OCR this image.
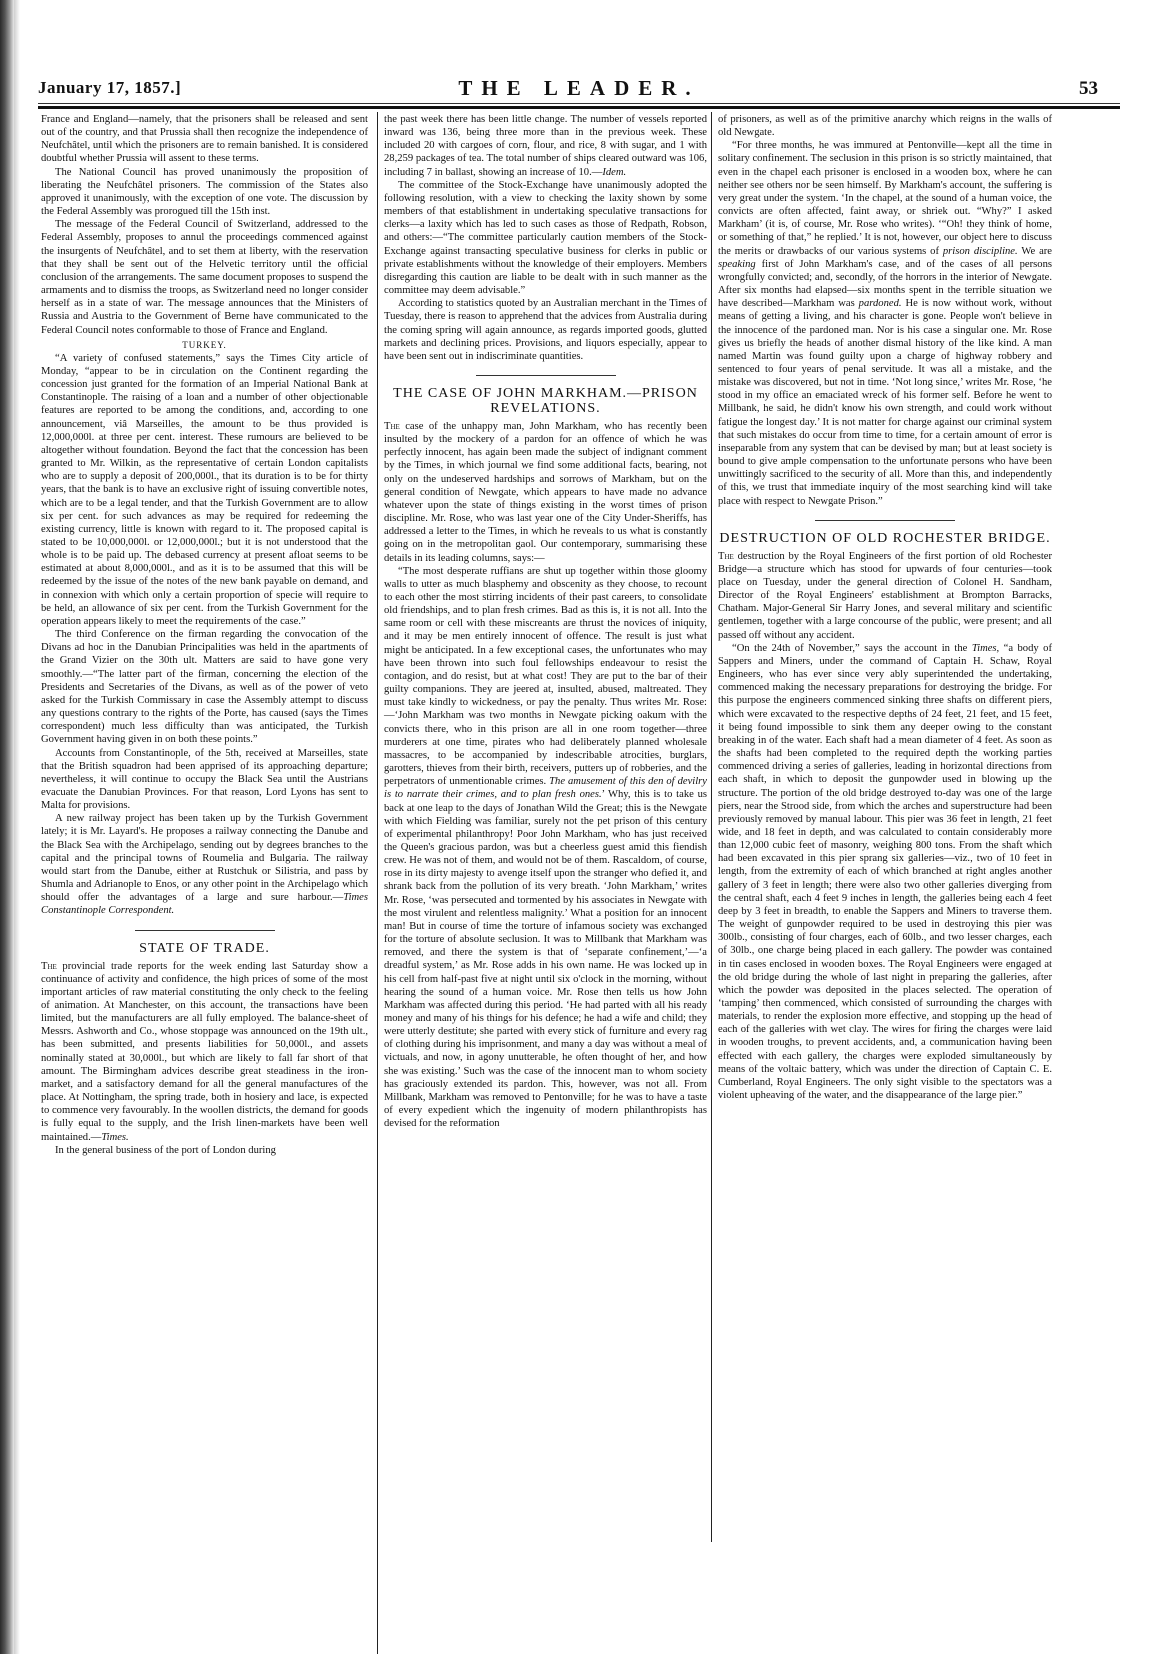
January 17, 1857.]	THE LEADER.	53

France and England—namely, that the prisoners shall be released and sent out of the country, and that Prussia shall then recognize the independence of Neufchâtel, until which the prisoners are to remain banished. It is considered doubtful whether Prussia will assent to these terms.

The National Council has proved unanimously the proposition of liberating the Neufchâtel prisoners. The commission of the States also approved it unanimously, with the exception of one vote. The discussion by the Federal Assembly was prorogued till the 15th inst.

The message of the Federal Council of Switzerland, addressed to the Federal Assembly, proposes to annul the proceedings commenced against the insurgents of Neufchâtel, and to set them at liberty, with the reservation that they shall be sent out of the Helvetic territory until the official conclusion of the arrangements. The same document proposes to suspend the armaments and to dismiss the troops, as Switzerland need no longer consider herself as in a state of war. The message announces that the Ministers of Russia and Austria to the Government of Berne have communicated to the Federal Council notes conformable to those of France and England.

TURKEY.

“A variety of confused statements,” says the Times City article of Monday, “appear to be in circulation on the Continent regarding the concession just granted for the formation of an Imperial National Bank at Constantinople. The raising of a loan and a number of other objectionable features are reported to be among the conditions, and, according to one announcement, viâ Marseilles, the amount to be thus provided is 12,000,000l. at three per cent. interest. These rumours are believed to be altogether without foundation. Beyond the fact that the concession has been granted to Mr. Wilkin, as the representative of certain London capitalists who are to supply a deposit of 200,000l., that its duration is to be for thirty years, that the bank is to have an exclusive right of issuing convertible notes, which are to be a legal tender, and that the Turkish Government are to allow six per cent. for such advances as may be required for redeeming the existing currency, little is known with regard to it. The proposed capital is stated to be 10,000,000l. or 12,000,000l.; but it is not understood that the whole is to be paid up. The debased currency at present afloat seems to be estimated at about 8,000,000l., and as it is to be assumed that this will be redeemed by the issue of the notes of the new bank payable on demand, and in connexion with which only a certain proportion of specie will require to be held, an allowance of six per cent. from the Turkish Government for the operation appears likely to meet the requirements of the case.”

The third Conference on the firman regarding the convocation of the Divans ad hoc in the Danubian Principalities was held in the apartments of the Grand Vizier on the 30th ult. Matters are said to have gone very smoothly.—“The latter part of the firman, concerning the election of the Presidents and Secretaries of the Divans, as well as of the power of veto asked for the Turkish Commissary in case the Assembly attempt to discuss any questions contrary to the rights of the Porte, has caused (says the Times correspondent) much less difficulty than was anticipated, the Turkish Government having given in on both these points.”

Accounts from Constantinople, of the 5th, received at Marseilles, state that the British squadron had been apprised of its approaching departure; nevertheless, it will continue to occupy the Black Sea until the Austrians evacuate the Danubian Provinces. For that reason, Lord Lyons has sent to Malta for provisions.

A new railway project has been taken up by the Turkish Government lately; it is Mr. Layard's. He proposes a railway connecting the Danube and the Black Sea with the Archipelago, sending out by degrees branches to the capital and the principal towns of Roumelia and Bulgaria. The railway would start from the Danube, either at Rustchuk or Silistria, and pass by Shumla and Adrianople to Enos, or any other point in the Archipelago which should offer the advantages of a large and sure harbour.—Times Constantinople Correspondent.

STATE OF TRADE.

The provincial trade reports for the week ending last Saturday show a continuance of activity and confidence, the high prices of some of the most important articles of raw material constituting the only check to the feeling of animation. At Manchester, on this account, the transactions have been limited, but the manufacturers are all fully employed. The balance-sheet of Messrs. Ashworth and Co., whose stoppage was announced on the 19th ult., has been submitted, and presents liabilities for 50,000l., and assets nominally stated at 30,000l., but which are likely to fall far short of that amount. The Birmingham advices describe great steadiness in the iron-market, and a satisfactory demand for all the general manufactures of the place. At Nottingham, the spring trade, both in hosiery and lace, is expected to commence very favourably. In the woollen districts, the demand for goods is fully equal to the supply, and the Irish linen-markets have been well maintained.—Times.

In the general business of the port of London during

the past week there has been little change. The number of vessels reported inward was 136, being three more than in the previous week. These included 20 with cargoes of corn, flour, and rice, 8 with sugar, and 1 with 28,259 packages of tea. The total number of ships cleared outward was 106, including 7 in ballast, showing an increase of 10.—Idem.

The committee of the Stock-Exchange have unanimously adopted the following resolution, with a view to checking the laxity shown by some members of that establishment in undertaking speculative transactions for clerks—a laxity which has led to such cases as those of Redpath, Robson, and others:—“The committee particularly caution members of the Stock-Exchange against transacting speculative business for clerks in public or private establishments without the knowledge of their employers. Members disregarding this caution are liable to be dealt with in such manner as the committee may deem advisable.”

According to statistics quoted by an Australian merchant in the Times of Tuesday, there is reason to apprehend that the advices from Australia during the coming spring will again announce, as regards imported goods, glutted markets and declining prices. Provisions, and liquors especially, appear to have been sent out in indiscriminate quantities.

THE CASE OF JOHN MARKHAM.—PRISON REVELATIONS.

The case of the unhappy man, John Markham, who has recently been insulted by the mockery of a pardon for an offence of which he was perfectly innocent, has again been made the subject of indignant comment by the Times, in which journal we find some additional facts, bearing, not only on the undeserved hardships and sorrows of Markham, but on the general condition of Newgate, which appears to have made no advance whatever upon the state of things existing in the worst times of prison discipline. Mr. Rose, who was last year one of the City Under-Sheriffs, has addressed a letter to the Times, in which he reveals to us what is constantly going on in the metropolitan gaol. Our contemporary, summarising these details in its leading columns, says:—

“The most desperate ruffians are shut up together within those gloomy walls to utter as much blasphemy and obscenity as they choose, to recount to each other the most stirring incidents of their past careers, to consolidate old friendships, and to plan fresh crimes. Bad as this is, it is not all. Into the same room or cell with these miscreants are thrust the novices of iniquity, and it may be men entirely innocent of offence. The result is just what might be anticipated. In a few exceptional cases, the unfortunates who may have been thrown into such foul fellowships endeavour to resist the contagion, and do resist, but at what cost! They are put to the bar of their guilty companions. They are jeered at, insulted, abused, maltreated. They must take kindly to wickedness, or pay the penalty. Thus writes Mr. Rose:—‘John Markham was two months in Newgate picking oakum with the convicts there, who in this prison are all in one room together—three murderers at one time, pirates who had deliberately planned wholesale massacres, to be accompanied by indescribable atrocities, burglars, garotters, thieves from their birth, receivers, putters up of robberies, and the perpetrators of unmentionable crimes. The amusement of this den of devilry is to narrate their crimes, and to plan fresh ones.’ Why, this is to take us back at one leap to the days of Jonathan Wild the Great; this is the Newgate with which Fielding was familiar, surely not the pet prison of this century of experimental philanthropy! Poor John Markham, who has just received the Queen's gracious pardon, was but a cheerless guest amid this fiendish crew. He was not of them, and would not be of them. Rascaldom, of course, rose in its dirty majesty to avenge itself upon the stranger who defied it, and shrank back from the pollution of its very breath. ‘John Markham,’ writes Mr. Rose, ‘was persecuted and tormented by his associates in Newgate with the most virulent and relentless malignity.’ What a position for an innocent man! But in course of time the torture of infamous society was exchanged for the torture of absolute seclusion. It was to Millbank that Markham was removed, and there the system is that of ‘separate confinement,’—‘a dreadful system,’ as Mr. Rose adds in his own name. He was locked up in his cell from half-past five at night until six o'clock in the morning, without hearing the sound of a human voice. Mr. Rose then tells us how John Markham was affected during this period. ‘He had parted with all his ready money and many of his things for his defence; he had a wife and child; they were utterly destitute; she parted with every stick of furniture and every rag of clothing during his imprisonment, and many a day was without a meal of victuals, and now, in agony unutterable, he often thought of her, and how she was existing.’ Such was the case of the innocent man to whom society has graciously extended its pardon. This, however, was not all. From Millbank, Markham was removed to Pentonville; for he was to have a taste of every expedient which the ingenuity of modern philanthropists has devised for the reformation

of prisoners, as well as of the primitive anarchy which reigns in the walls of old Newgate.

“For three months, he was immured at Pentonville—kept all the time in solitary confinement. The seclusion in this prison is so strictly maintained, that even in the chapel each prisoner is enclosed in a wooden box, where he can neither see others nor be seen himself. By Markham's account, the suffering is very great under the system. ‘In the chapel, at the sound of a human voice, the convicts are often affected, faint away, or shriek out. “Why?” I asked Markham’ (it is, of course, Mr. Rose who writes). ‘“Oh! they think of home, or something of that,” he replied.’ It is not, however, our object here to discuss the merits or drawbacks of our various systems of prison discipline. We are speaking first of John Markham's case, and of the cases of all persons wrongfully convicted; and, secondly, of the horrors in the interior of Newgate. After six months had elapsed—six months spent in the terrible situation we have described—Markham was pardoned. He is now without work, without means of getting a living, and his character is gone. People won't believe in the innocence of the pardoned man. Nor is his case a singular one. Mr. Rose gives us briefly the heads of another dismal history of the like kind. A man named Martin was found guilty upon a charge of highway robbery and sentenced to four years of penal servitude. It was all a mistake, and the mistake was discovered, but not in time. ‘Not long since,’ writes Mr. Rose, ‘he stood in my office an emaciated wreck of his former self. Before he went to Millbank, he said, he didn't know his own strength, and could work without fatigue the longest day.’ It is not matter for charge against our criminal system that such mistakes do occur from time to time, for a certain amount of error is inseparable from any system that can be devised by man; but at least society is bound to give ample compensation to the unfortunate persons who have been unwittingly sacrificed to the security of all. More than this, and independently of this, we trust that immediate inquiry of the most searching kind will take place with respect to Newgate Prison.”

DESTRUCTION OF OLD ROCHESTER BRIDGE.

The destruction by the Royal Engineers of the first portion of old Rochester Bridge—a structure which has stood for upwards of four centuries—took place on Tuesday, under the general direction of Colonel H. Sandham, Director of the Royal Engineers' establishment at Brompton Barracks, Chatham. Major-General Sir Harry Jones, and several military and scientific gentlemen, together with a large concourse of the public, were present; and all passed off without any accident.

“On the 24th of November,” says the account in the Times, “a body of Sappers and Miners, under the command of Captain H. Schaw, Royal Engineers, who has ever since very ably superintended the undertaking, commenced making the necessary preparations for destroying the bridge. For this purpose the engineers commenced sinking three shafts on different piers, which were excavated to the respective depths of 24 feet, 21 feet, and 15 feet, it being found impossible to sink them any deeper owing to the constant breaking in of the water. Each shaft had a mean diameter of 4 feet. As soon as the shafts had been completed to the required depth the working parties commenced driving a series of galleries, leading in horizontal directions from each shaft, in which to deposit the gunpowder used in blowing up the structure. The portion of the old bridge destroyed to-day was one of the large piers, near the Strood side, from which the arches and superstructure had been previously removed by manual labour. This pier was 36 feet in length, 21 feet wide, and 18 feet in depth, and was calculated to contain considerably more than 12,000 cubic feet of masonry, weighing 800 tons. From the shaft which had been excavated in this pier sprang six galleries—viz., two of 10 feet in length, from the extremity of each of which branched at right angles another gallery of 3 feet in length; there were also two other galleries diverging from the central shaft, each 4 feet 9 inches in length, the galleries being each 4 feet deep by 3 feet in breadth, to enable the Sappers and Miners to traverse them. The weight of gunpowder required to be used in destroying this pier was 300lb., consisting of four charges, each of 60lb., and two lesser charges, each of 30lb., one charge being placed in each gallery. The powder was contained in tin cases enclosed in wooden boxes. The Royal Engineers were engaged at the old bridge during the whole of last night in preparing the galleries, after which the powder was deposited in the places selected. The operation of ‘tamping’ then commenced, which consisted of surrounding the charges with materials, to render the explosion more effective, and stopping up the head of each of the galleries with wet clay. The wires for firing the charges were laid in wooden troughs, to prevent accidents, and, a communication having been effected with each gallery, the charges were exploded simultaneously by means of the voltaic battery, which was under the direction of Captain C. E. Cumberland, Royal Engineers. The only sight visible to the spectators was a violent upheaving of the water, and the disappearance of the large pier.”
